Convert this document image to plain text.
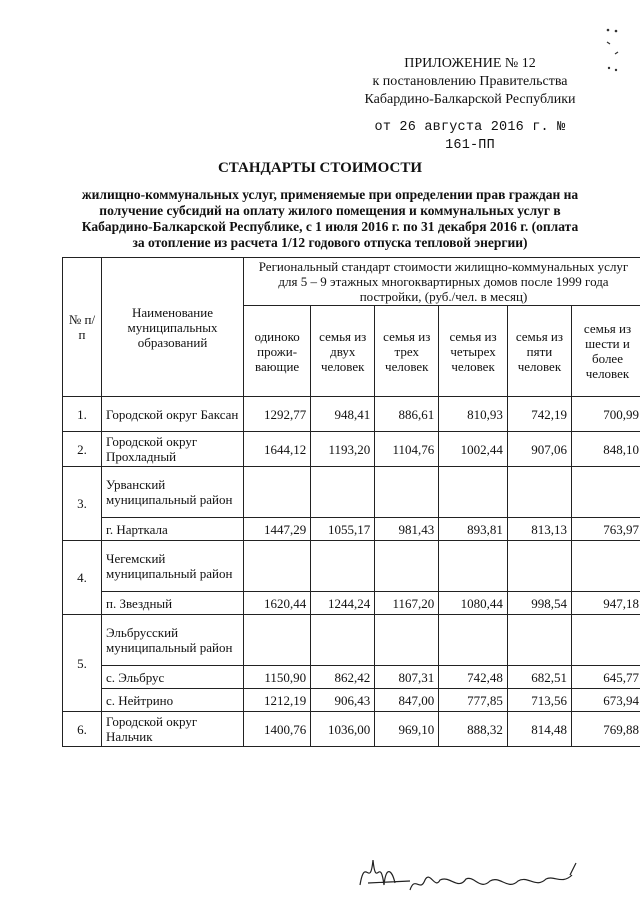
ПРИЛОЖЕНИЕ № 12
к постановлению Правительства
Кабардино-Балкарской Республики
от 26 августа 2016 г. № 161-ПП
СТАНДАРТЫ СТОИМОСТИ
жилищно-коммунальных услуг, применяемые при определении прав граждан на получение субсидий на оплату жилого помещения и коммунальных услуг в Кабардино-Балкарской Республике, с 1 июля 2016 г. по 31 декабря 2016 г. (оплата за отопление из расчета 1/12 годового отпуска тепловой энергии)
№ п/п	Наименование муниципальных образований	Региональный стандарт стоимости жилищно-коммунальных услуг для 5 – 9 этажных многоквартирных домов после 1999 года постройки, (руб./чел. в месяц)					
		одиноко прожи-вающие	семья из двух человек	семья из трех человек	семья из четырех человек	семья из пяти человек	семья из шести и более человек
1.	Городской округ Баксан	1292,77	948,41	886,61	810,93	742,19	700,99
2.	Городской округ Прохладный	1644,12	1193,20	1104,76	1002,44	907,06	848,10
3.	Урванский муниципальный район						
	г. Нарткала	1447,29	1055,17	981,43	893,81	813,13	763,97
4.	Чегемский муниципальный район						
	п. Звездный	1620,44	1244,24	1167,20	1080,44	998,54	947,18
5.	Эльбрусский муниципальный район						
	с. Эльбрус	1150,90	862,42	807,31	742,48	682,51	645,77
	с. Нейтрино	1212,19	906,43	847,00	777,85	713,56	673,94
6.	Городской округ Нальчик	1400,76	1036,00	969,10	888,32	814,48	769,88
